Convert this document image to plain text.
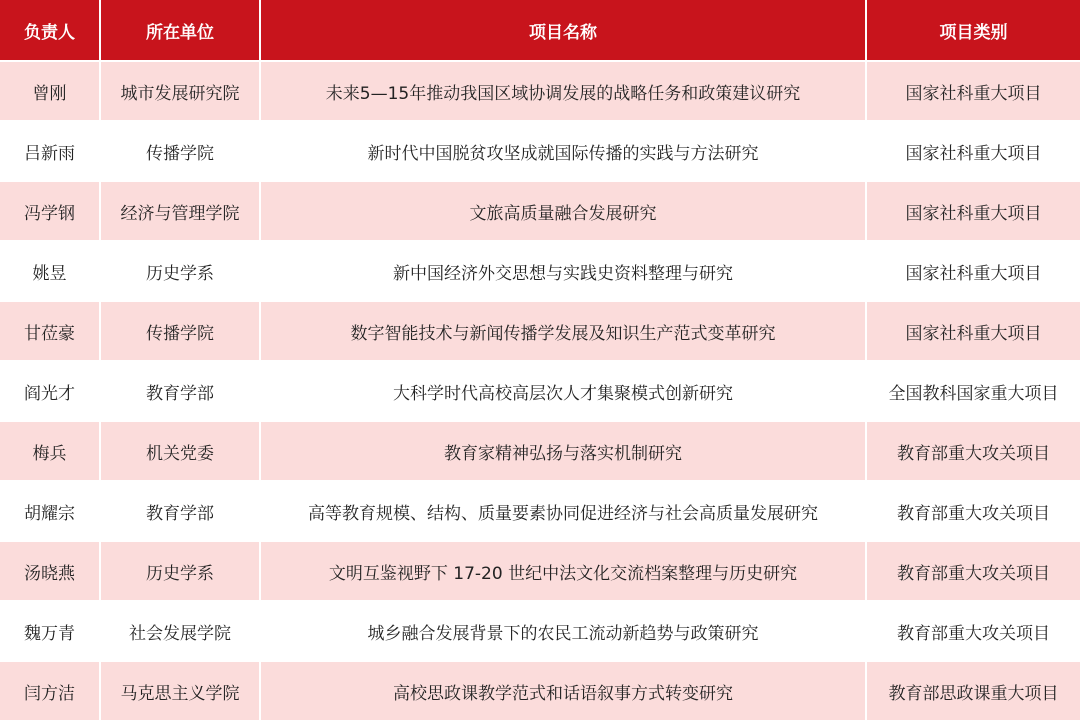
负责人	所在单位	项目名称	项目类别
曾刚	城市发展研究院	未来5—15年推动我国区域协调发展的战略任务和政策建议研究	国家社科重大项目
吕新雨	传播学院	新时代中国脱贫攻坚成就国际传播的实践与方法研究	国家社科重大项目
冯学钢	经济与管理学院	文旅高质量融合发展研究	国家社科重大项目
姚昱	历史学系	新中国经济外交思想与实践史资料整理与研究	国家社科重大项目
甘莅豪	传播学院	数字智能技术与新闻传播学发展及知识生产范式变革研究	国家社科重大项目
阎光才	教育学部	大科学时代高校高层次人才集聚模式创新研究	全国教科国家重大项目
梅兵	机关党委	教育家精神弘扬与落实机制研究	教育部重大攻关项目
胡耀宗	教育学部	高等教育规模、结构、质量要素协同促进经济与社会高质量发展研究	教育部重大攻关项目
汤晓燕	历史学系	文明互鉴视野下 17-20 世纪中法文化交流档案整理与历史研究	教育部重大攻关项目
魏万青	社会发展学院	城乡融合发展背景下的农民工流动新趋势与政策研究	教育部重大攻关项目
闫方洁	马克思主义学院	高校思政课教学范式和话语叙事方式转变研究	教育部思政课重大项目
